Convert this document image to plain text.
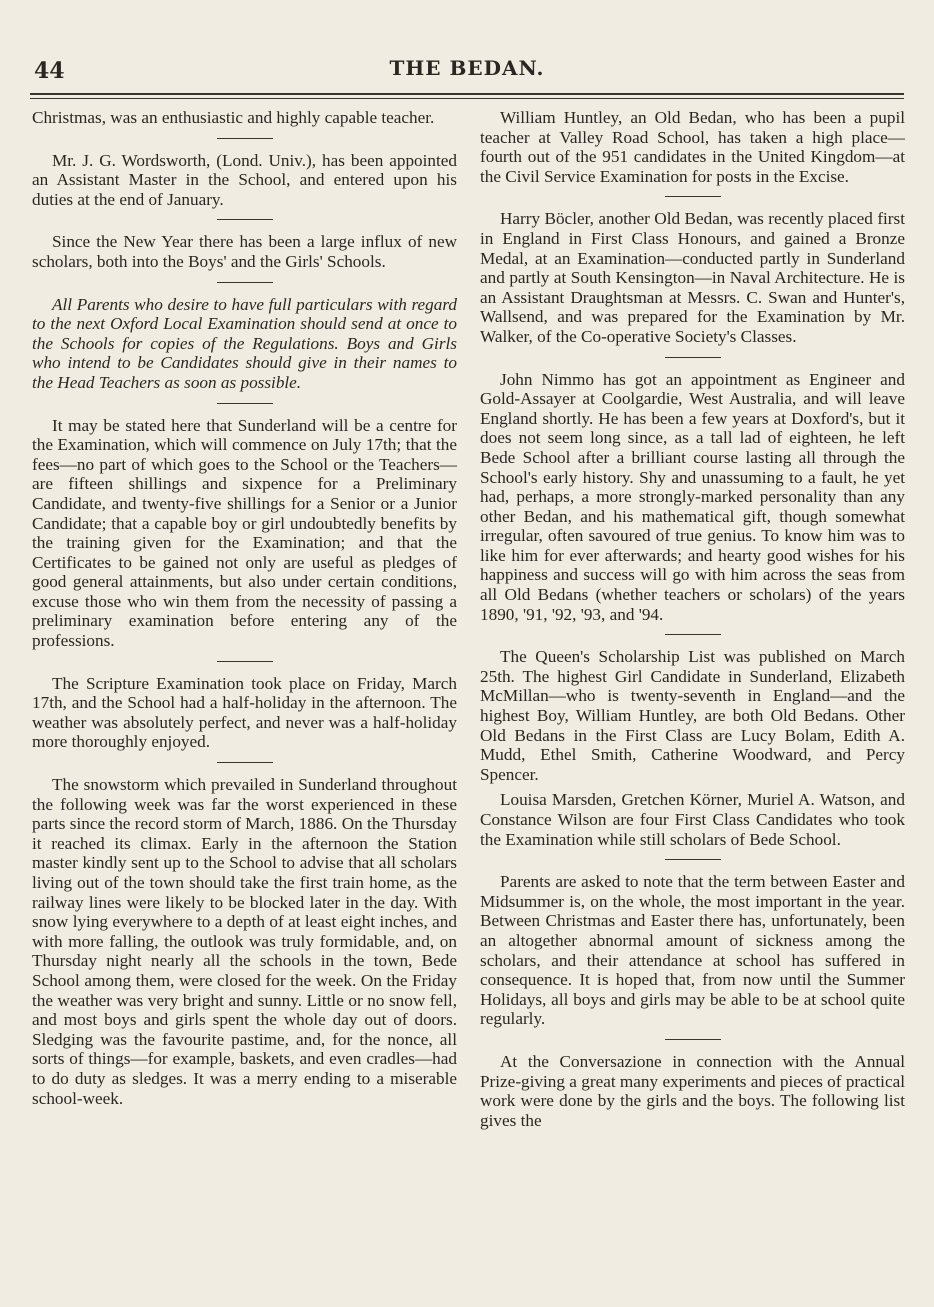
44	THE BEDAN.

Christmas, was an enthusiastic and highly capable teacher.

Mr. J. G. Wordsworth, (Lond. Univ.), has been appointed an Assistant Master in the School, and entered upon his duties at the end of January.

Since the New Year there has been a large influx of new scholars, both into the Boys' and the Girls' Schools.

All Parents who desire to have full particulars with regard to the next Oxford Local Examination should send at once to the Schools for copies of the Regulations. Boys and Girls who intend to be Candidates should give in their names to the Head Teachers as soon as possible.

It may be stated here that Sunderland will be a centre for the Examination, which will commence on July 17th; that the fees—no part of which goes to the School or the Teachers—are fifteen shillings and sixpence for a Preliminary Candidate, and twenty-five shillings for a Senior or a Junior Candidate; that a capable boy or girl undoubtedly benefits by the training given for the Examination; and that the Certificates to be gained not only are useful as pledges of good general attainments, but also under certain conditions, excuse those who win them from the necessity of passing a preliminary examination before entering any of the professions.

The Scripture Examination took place on Friday, March 17th, and the School had a half-holiday in the afternoon. The weather was absolutely perfect, and never was a half-holiday more thoroughly enjoyed.

The snowstorm which prevailed in Sunderland throughout the following week was far the worst experienced in these parts since the record storm of March, 1886. On the Thursday it reached its climax. Early in the afternoon the Station master kindly sent up to the School to advise that all scholars living out of the town should take the first train home, as the railway lines were likely to be blocked later in the day. With snow lying everywhere to a depth of at least eight inches, and with more falling, the outlook was truly formidable, and, on Thursday night nearly all the schools in the town, Bede School among them, were closed for the week. On the Friday the weather was very bright and sunny. Little or no snow fell, and most boys and girls spent the whole day out of doors. Sledging was the favourite pastime, and, for the nonce, all sorts of things—for example, baskets, and even cradles—had to do duty as sledges. It was a merry ending to a miserable school-week.

William Huntley, an Old Bedan, who has been a pupil teacher at Valley Road School, has taken a high place—fourth out of the 951 candidates in the United Kingdom—at the Civil Service Examination for posts in the Excise.

Harry Böcler, another Old Bedan, was recently placed first in England in First Class Honours, and gained a Bronze Medal, at an Examination—conducted partly in Sunderland and partly at South Kensington—in Naval Architecture. He is an Assistant Draughtsman at Messrs. C. Swan and Hunter's, Wallsend, and was prepared for the Examination by Mr. Walker, of the Co-operative Society's Classes.

John Nimmo has got an appointment as Engineer and Gold-Assayer at Coolgardie, West Australia, and will leave England shortly. He has been a few years at Doxford's, but it does not seem long since, as a tall lad of eighteen, he left Bede School after a brilliant course lasting all through the School's early history. Shy and unassuming to a fault, he yet had, perhaps, a more strongly-marked personality than any other Bedan, and his mathematical gift, though somewhat irregular, often savoured of true genius. To know him was to like him for ever afterwards; and hearty good wishes for his happiness and success will go with him across the seas from all Old Bedans (whether teachers or scholars) of the years 1890, '91, '92, '93, and '94.

The Queen's Scholarship List was published on March 25th. The highest Girl Candidate in Sunderland, Elizabeth McMillan—who is twenty-seventh in England—and the highest Boy, William Huntley, are both Old Bedans. Other Old Bedans in the First Class are Lucy Bolam, Edith A. Mudd, Ethel Smith, Catherine Woodward, and Percy Spencer.

Louisa Marsden, Gretchen Körner, Muriel A. Watson, and Constance Wilson are four First Class Candidates who took the Examination while still scholars of Bede School.

Parents are asked to note that the term between Easter and Midsummer is, on the whole, the most important in the year. Between Christmas and Easter there has, unfortunately, been an altogether abnormal amount of sickness among the scholars, and their attendance at school has suffered in consequence. It is hoped that, from now until the Summer Holidays, all boys and girls may be able to be at school quite regularly.

At the Conversazione in connection with the Annual Prize-giving a great many experiments and pieces of practical work were done by the girls and the boys. The following list gives the
